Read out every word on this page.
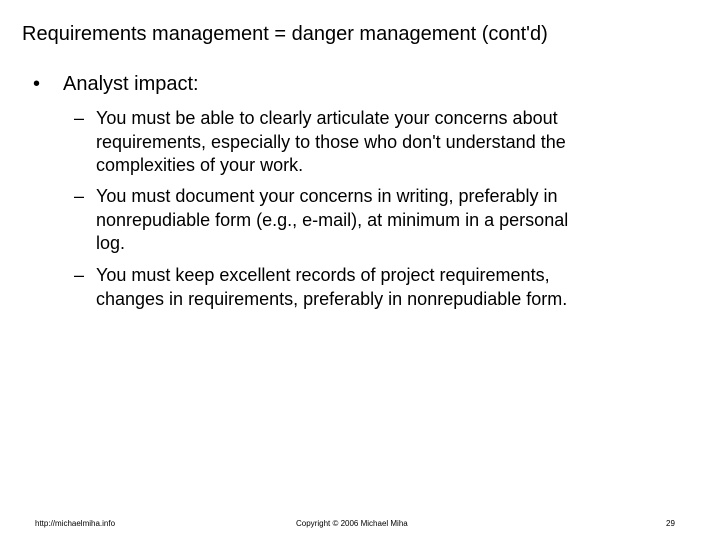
Requirements management = danger management (cont'd)
• Analyst impact:
– You must be able to clearly articulate your concerns about
requirements, especially to those who don't understand the
complexities of your work.
– You must document your concerns in writing, preferably in
nonrepudiable form (e.g., e-mail), at minimum in a personal
log.
– You must keep excellent records of project requirements,
changes in requirements, preferably in nonrepudiable form.
http://michaelmiha.info	Copyright © 2006 Michael Miha	29
